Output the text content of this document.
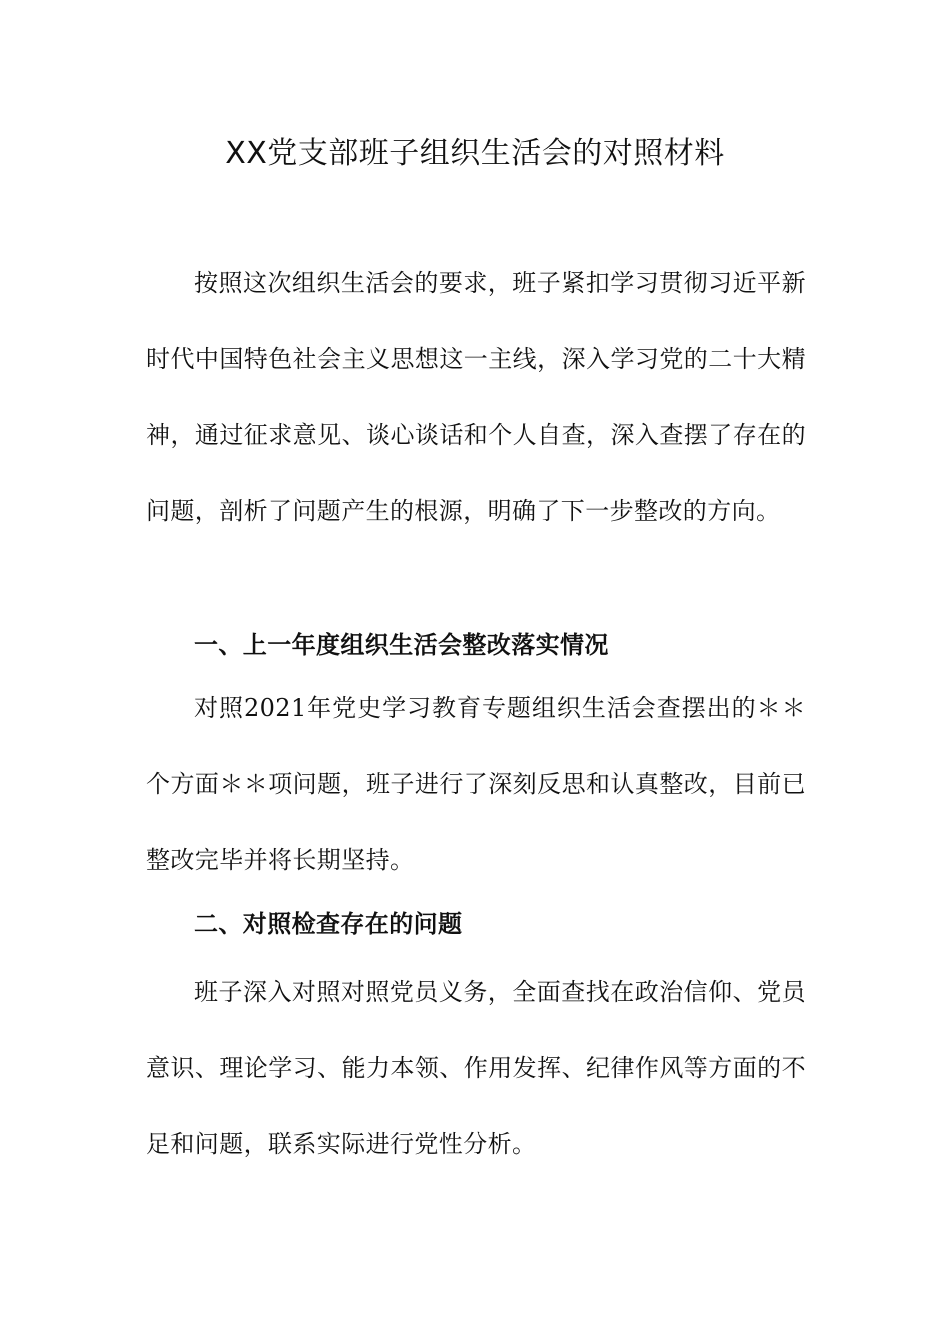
XX党支部班子组织生活会的对照材料

按照这次组织生活会的要求，班子紧扣学习贯彻习近平新时代中国特色社会主义思想这一主线，深入学习党的二十大精神，通过征求意见、谈心谈话和个人自查，深入查摆了存在的问题，剖析了问题产生的根源，明确了下一步整改的方向。

一、上一年度组织生活会整改落实情况

对照2021年党史学习教育专题组织生活会查摆出的＊＊个方面＊＊项问题，班子进行了深刻反思和认真整改，目前已整改完毕并将长期坚持。

二、对照检查存在的问题

班子深入对照对照党员义务，全面查找在政治信仰、党员意识、理论学习、能力本领、作用发挥、纪律作风等方面的不足和问题，联系实际进行党性分析。
